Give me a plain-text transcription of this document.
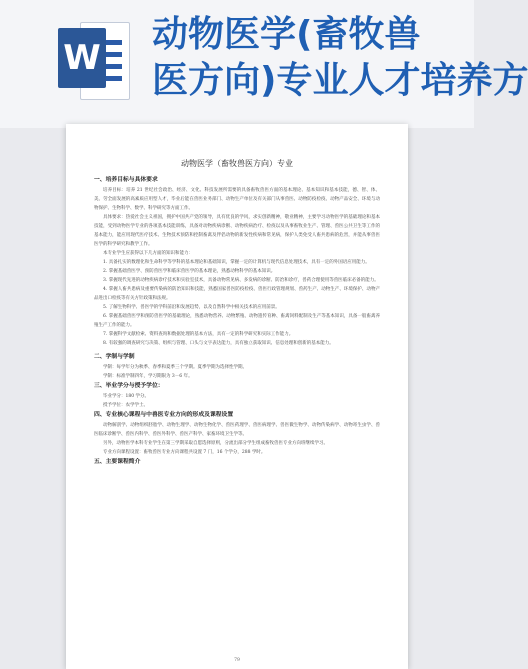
W
动物医学(畜牧兽
医方向)专业人才培养方
动物医学（畜牧兽医方向）专业
一、培养目标与具体要求

培养目标：培养 21 世纪社会政治、经济、文化、科技发展所需要的具备畜牧兽医方面的基本理论、基本知识和基本技能，德、智、体、美、劳全面发展的高素质应用型人才，毕业后能在兽医业务部门、动物生产单位及有关部门从事兽医、动物防疫检疫、动物产品安全、环境与动物保护、生物科学、数学、科学研究等方面工作。

具体要求：热爱社会主义祖国，拥护中国共产党的领导，具有优良的学风，求实创新精神，敬业精神，主要学习动物医学的基础理论和基本技能，受到动物医学专业的各项基本技能训练，具备对动物疾病诊断、动物疾病治疗、检疫以及从事畜牧业生产、管理、兽医公共卫生等工作的基本能力，能应用现代医疗技术、生物技术预防和控制畜禽及伴侣动物的新发性疾病和常见病，保护人类免受人畜共患病的危害，并能从事兽医医学的科学研究和教学工作。

本专业学生应获得以下几方面的知识和能力：

1. 具备扎实的数理化和生命科学等学科的基本理论和基础知识，掌握一定的计算机与现代信息处理技术，具有一定的外国语应用能力。

2. 掌握基础兽医学、预防兽医学和临床兽医学的基本理论，熟悉动物科学的基本知识。

3. 掌握现代先进的动物疾病诊疗技术和实验室技术，具备动物常见病、多发病的诊断、防治和诊疗，兽药合理使用等兽医临床必备的能力。

4. 掌握人畜共患病及重要传染病的防治知识和技能，熟悉国家兽医防疫检疫、兽医行政管理规划、兽药生产、动物生产、环境保护、动物产品进出口检疫等有关方针政策和法规。

5. 了解生物科学、兽医学的学科前沿和发展趋势，以及自然科学中相关技术的应用前景。

6. 掌握基础兽医学和预防兽医学的基础理论，熟悉动物营养、动物繁殖、动物遗传育种、畜禽饲料配制及生产等基本知识，具备一般畜禽养殖生产工作的能力。

7. 掌握科学文献检索、资料查询和数据处理的基本方法，具有一定的科学研究和实际工作能力。

8. 有较强的调查研究与决策、组织与管理、口头与文字表达能力，具有独立获取知识、信息处理和创新的基本能力。

二、学制与学制

学制：每学年分为秋季、春季和夏季三个学期。夏季学期为选择性学期。

学制：标准学制四年，学习期限为 3－6 年。

三、毕业学分与授予学位：

毕业学分：180 学分。

授予学位：农学学士。

四、专业核心课程与中兽医专业方向的形成及课程设置

动物解剖学、动物组织胚胎学、动物生理学、动物生物化学、兽医药理学、兽医病理学、兽医微生物学、动物传染病学、动物寄生虫学、兽医临床诊断学、兽医内科学、兽医外科学、兽医产科学、家畜环境卫生学等。

另外，动物医学本科专业学生在第三学期采取自愿选择原则，分流出部分学生组成畜牧兽医专业方向班继续学习。

专业方向课程设置：畜牧兽医专业方向课程共设置 7 门，16 个学分，288 学时。

五、主要课程简介
79
